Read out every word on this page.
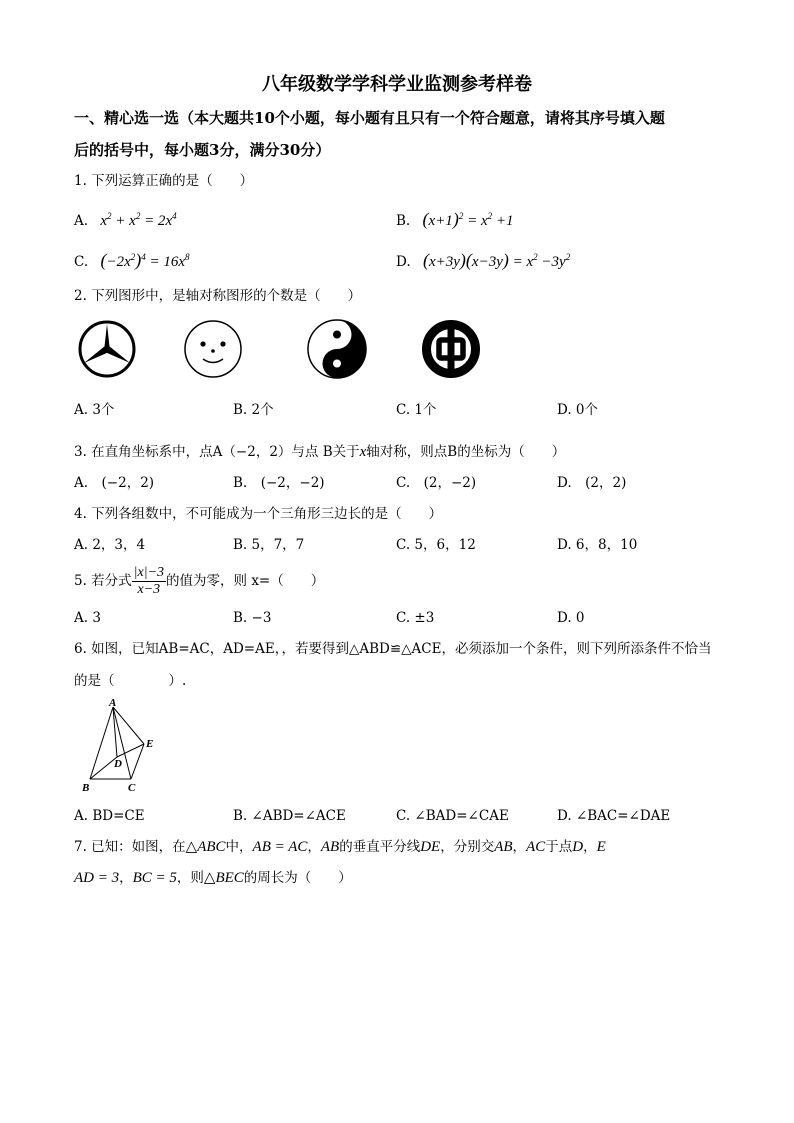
八年级数学学科学业监测参考样卷
一、精心选一选（本大题共10个小题，每小题有且只有一个符合题意，请将其序号填入题
后的括号中，每小题3分，满分30分）
1. 下列运算正确的是（　　）
A. $x^2 + x^2 = 2x^4$	B. $(x+1)^2 = x^2 +1$
C. $(-2x^2)^4 = 16x^8$	D. $(x+3y)(x-3y) = x^2 -3y^2$
2. 下列图形中，是轴对称图形的个数是（　　）
A. 3个	B. 2个	C. 1个	D. 0个
3. 在直角坐标系中，点A（−2，2）与点 B关于x轴对称，则点B的坐标为（　　）
A.　(−2，2)	B.　(−2，−2)	C.　(2，−2)	D.　(2，2)
4. 下列各组数中，不可能成为一个三角形三边长的是（　　）
A. 2，3，4	B. 5，7，7	C. 5，6，12	D. 6，8，10
5. 若分式 $\frac{|x|-3}{x-3}$ 的值为零，则 x=（　　）
A. 3	B. −3	C. ±3	D. 0
6. 如图，已知AB=AC，AD=AE，，若要得到△ABD≌△ACE，必须添加一个条件，则下列所添条件不恰当
的是（　　　　）.
A
B	C
D
E
A. BD=CE	B. ∠ABD=∠ACE	C. ∠BAD=∠CAE	D. ∠BAC=∠DAE
7. 已知：如图，在△ABC中，AB = AC，AB的垂直平分线DE，分别交AB，AC于点D，E
AD = 3，BC = 5，则△BEC的周长为（　　）
